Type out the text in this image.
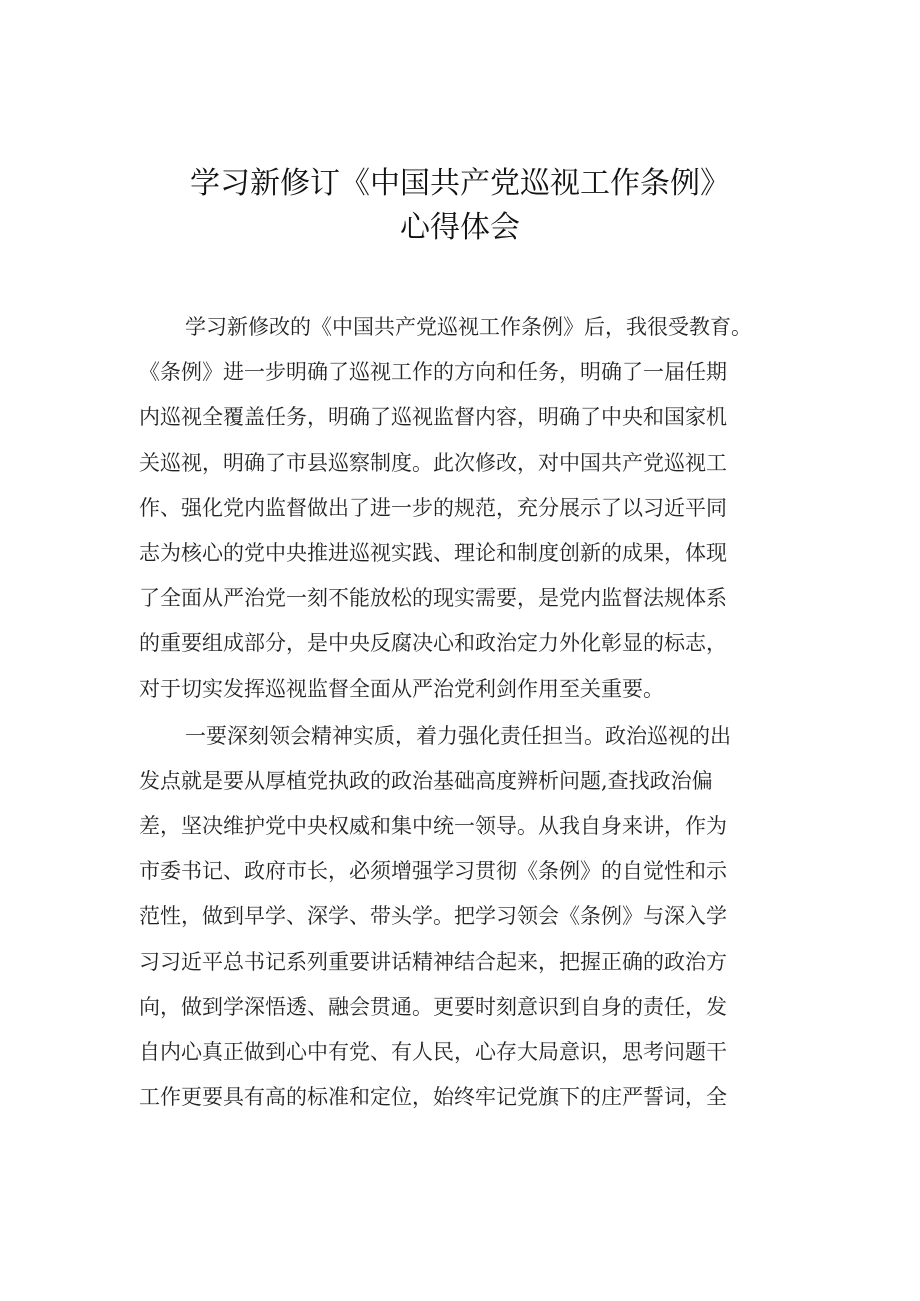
学习新修订《中国共产党巡视工作条例》
心得体会
学习新修改的《中国共产党巡视工作条例》后，我很受教育。
《条例》进一步明确了巡视工作的方向和任务，明确了一届任期
内巡视全覆盖任务，明确了巡视监督内容，明确了中央和国家机
关巡视，明确了市县巡察制度。此次修改，对中国共产党巡视工
作、强化党内监督做出了进一步的规范，充分展示了以习近平同
志为核心的党中央推进巡视实践、理论和制度创新的成果，体现
了全面从严治党一刻不能放松的现实需要，是党内监督法规体系
的重要组成部分，是中央反腐决心和政治定力外化彰显的标志，
对于切实发挥巡视监督全面从严治党利剑作用至关重要。
一要深刻领会精神实质，着力强化责任担当。政治巡视的出
发点就是要从厚植党执政的政治基础高度辨析问题,查找政治偏
差，坚决维护党中央权威和集中统一领导。从我自身来讲，作为
市委书记、政府市长，必须增强学习贯彻《条例》的自觉性和示
范性，做到早学、深学、带头学。把学习领会《条例》与深入学
习习近平总书记系列重要讲话精神结合起来，把握正确的政治方
向，做到学深悟透、融会贯通。更要时刻意识到自身的责任，发
自内心真正做到心中有党、有人民，心存大局意识，思考问题干
工作更要具有高的标准和定位，始终牢记党旗下的庄严誓词，全
